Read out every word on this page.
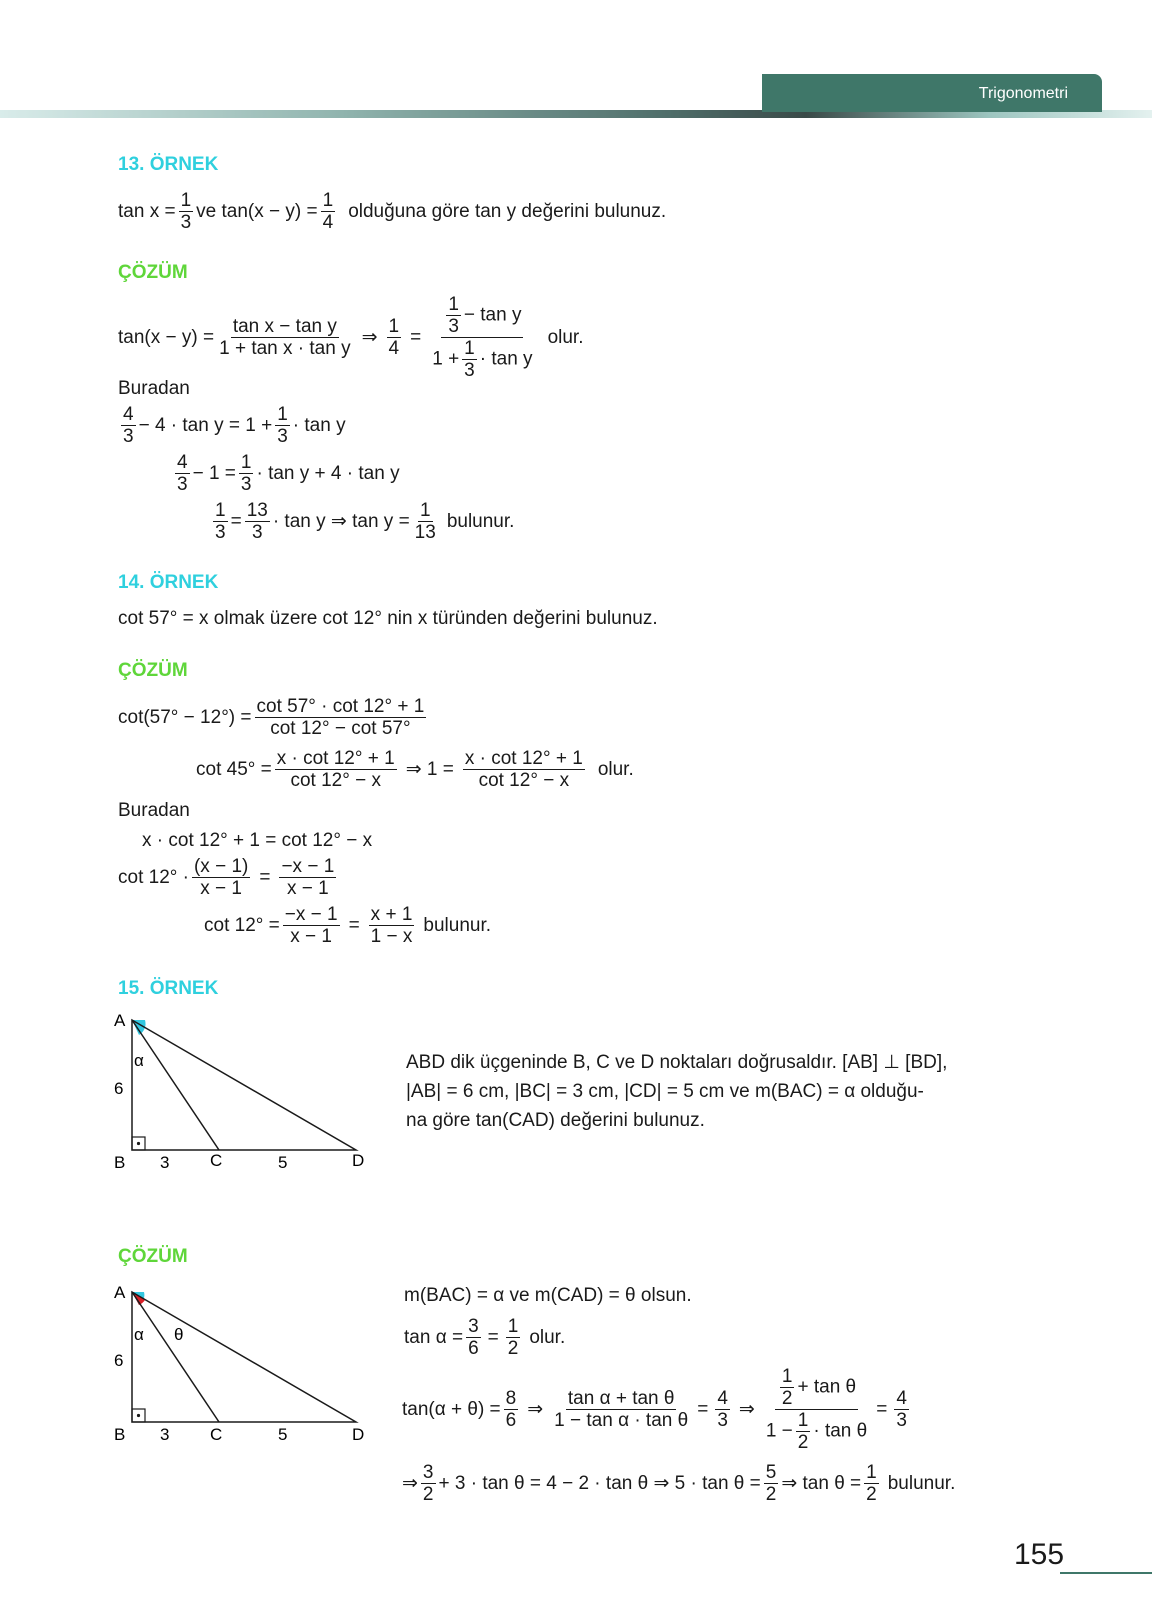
Trigonometri
13. ÖRNEK
$\tan x = \frac{1}{3}$ ve $\tan(x - y) = \frac{1}{4}$ olduğuna göre tan y değerini bulunuz.
ÇÖZÜM
$\tan(x - y) = \frac{\text{tan x − tan y}}{\text{1 + tan x · tan y}}$ ⇒ $\frac{1}{4} = \frac{\frac{1}{3} - \tan y}{1 + \frac{1}{3} \cdot \tan y}$ olur.
Buradan
$\frac{4}{3} - 4 \cdot \tan y = 1 + \frac{1}{3} \cdot \tan y$
$\frac{4}{3} - 1 = \frac{1}{3} \cdot \tan y + 4 \cdot \tan y$
$\frac{1}{3} = \frac{13}{3} \cdot \tan y$ ⇒ $\tan y = \frac{1}{13}$ bulunur.
14. ÖRNEK
cot 57° = x olmak üzere cot 12° nin x türünden değerini bulunuz.
ÇÖZÜM
$\cot(57^\circ - 12^\circ) = \frac{\cot 57^\circ \cdot \cot 12^\circ + 1}{\cot 12^\circ - \cot 57^\circ}$
$\cot 45^\circ = \frac{x \cdot \cot 12^\circ + 1}{\cot 12^\circ - x}$ ⇒ $1 = \frac{x \cdot \cot 12^\circ + 1}{\cot 12^\circ - x}$ olur.
Buradan
x · cot 12° + 1 = cot 12° − x
$\cot 12^\circ \cdot \frac{(x - 1)}{x - 1} = \frac{-x - 1}{x - 1}$
$\cot 12^\circ = \frac{-x - 1}{x - 1} = \frac{x + 1}{1 - x}$ bulunur.
15. ÖRNEK
A
B	C	D
6
3	5
α	ABD dik üçgeninde B, C ve D noktaları doğrusaldır. [AB] ⊥ [BD],
|AB| = 6 cm, |BC| = 3 cm, |CD| = 5 cm ve m(BAC) = α olduğu-
na göre tan(CAD) değerini bulunuz.
ÇÖZÜM
A
B	C	D
6
3	5
α θ
m(BAC) = α ve m(CAD) = θ olsun.
$\tan \alpha = \frac{3}{6} = \frac{1}{2}$ olur.
$\tan(\alpha + \theta) = \frac{8}{6}$ ⇒ $\frac{\text{tan α + tan θ}}{\text{1 − tan α · tan θ}} = \frac{4}{3}$ ⇒ $\frac{\frac{1}{2} + \tan \theta}{1 - \frac{1}{2} \cdot \tan \theta} = \frac{4}{3}$
⇒ $\frac{3}{2} + 3 \cdot \tan \theta = 4 - 2 \cdot \tan \theta$ ⇒ $5 \cdot \tan \theta = \frac{5}{2}$ ⇒ $\tan \theta = \frac{1}{2}$ bulunur.
155
